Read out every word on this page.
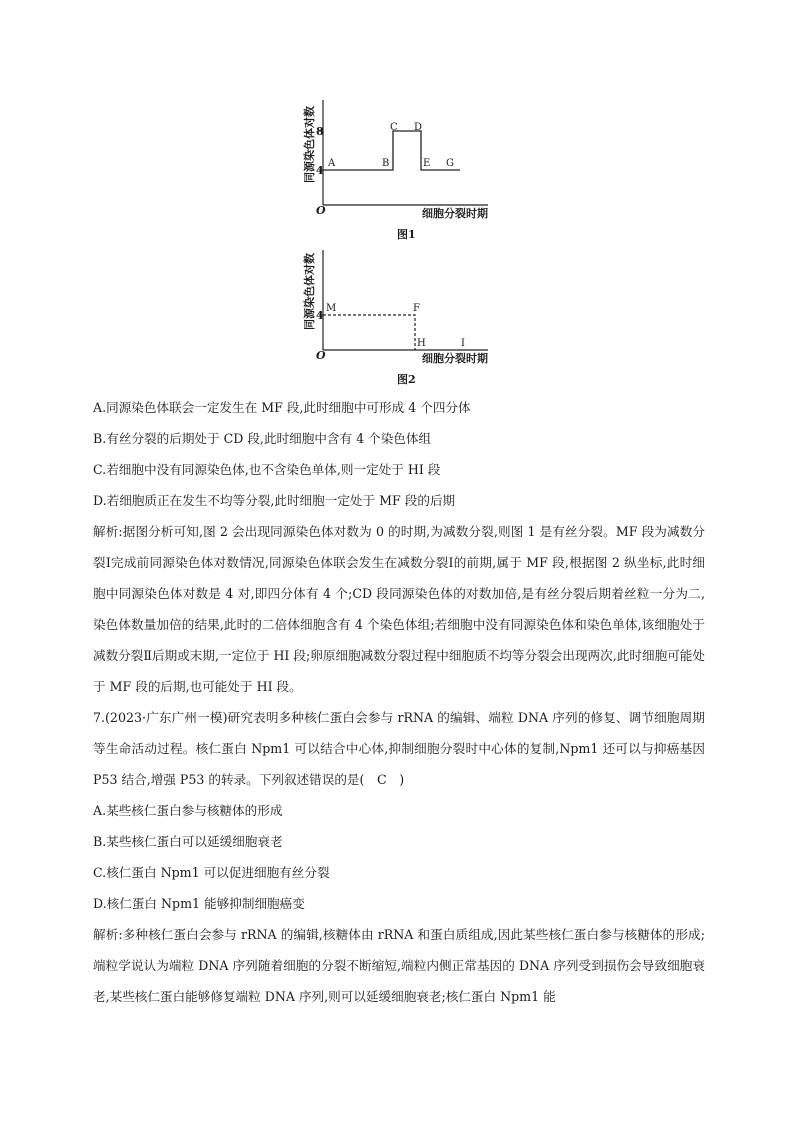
同源染色体对数 8
4
O
A	B
C D
E G
细胞分裂时期
图1
同源染色体对数 4
O
M	F
H	I
细胞分裂时期
图2

A.同源染色体联会一定发生在 MF 段,此时细胞中可形成 4 个四分体

B.有丝分裂的后期处于 CD 段,此时细胞中含有 4 个染色体组

C.若细胞中没有同源染色体,也不含染色单体,则一定处于 HI 段

D.若细胞质正在发生不均等分裂,此时细胞一定处于 MF 段的后期

解析:据图分析可知,图 2 会出现同源染色体对数为 0 的时期,为减数分裂,则图 1 是有丝分裂。MF 段为减数分裂Ⅰ完成前同源染色体对数情况,同源染色体联会发生在减数分裂Ⅰ的前期,属于 MF 段,根据图 2 纵坐标,此时细胞中同源染色体对数是 4 对,即四分体有 4 个;CD 段同源染色体的对数加倍,是有丝分裂后期着丝粒一分为二,染色体数量加倍的结果,此时的二倍体细胞含有 4 个染色体组;若细胞中没有同源染色体和染色单体,该细胞处于减数分裂Ⅱ后期或末期,一定位于 HI 段;卵原细胞减数分裂过程中细胞质不均等分裂会出现两次,此时细胞可能处于 MF 段的后期,也可能处于 HI 段。

7.(2023·广东广州一模)研究表明多种核仁蛋白会参与 rRNA 的编辑、端粒 DNA 序列的修复、调节细胞周期等生命活动过程。核仁蛋白 Npm1 可以结合中心体,抑制细胞分裂时中心体的复制,Npm1 还可以与抑癌基因 P53 结合,增强 P53 的转录。下列叙述错误的是(　C　)

A.某些核仁蛋白参与核糖体的形成

B.某些核仁蛋白可以延缓细胞衰老

C.核仁蛋白 Npm1 可以促进细胞有丝分裂

D.核仁蛋白 Npm1 能够抑制细胞癌变

解析:多种核仁蛋白会参与 rRNA 的编辑,核糖体由 rRNA 和蛋白质组成,因此某些核仁蛋白参与核糖体的形成;端粒学说认为端粒 DNA 序列随着细胞的分裂不断缩短,端粒内侧正常基因的 DNA 序列受到损伤会导致细胞衰老,某些核仁蛋白能够修复端粒 DNA 序列,则可以延缓细胞衰老;核仁蛋白 Npm1 能
